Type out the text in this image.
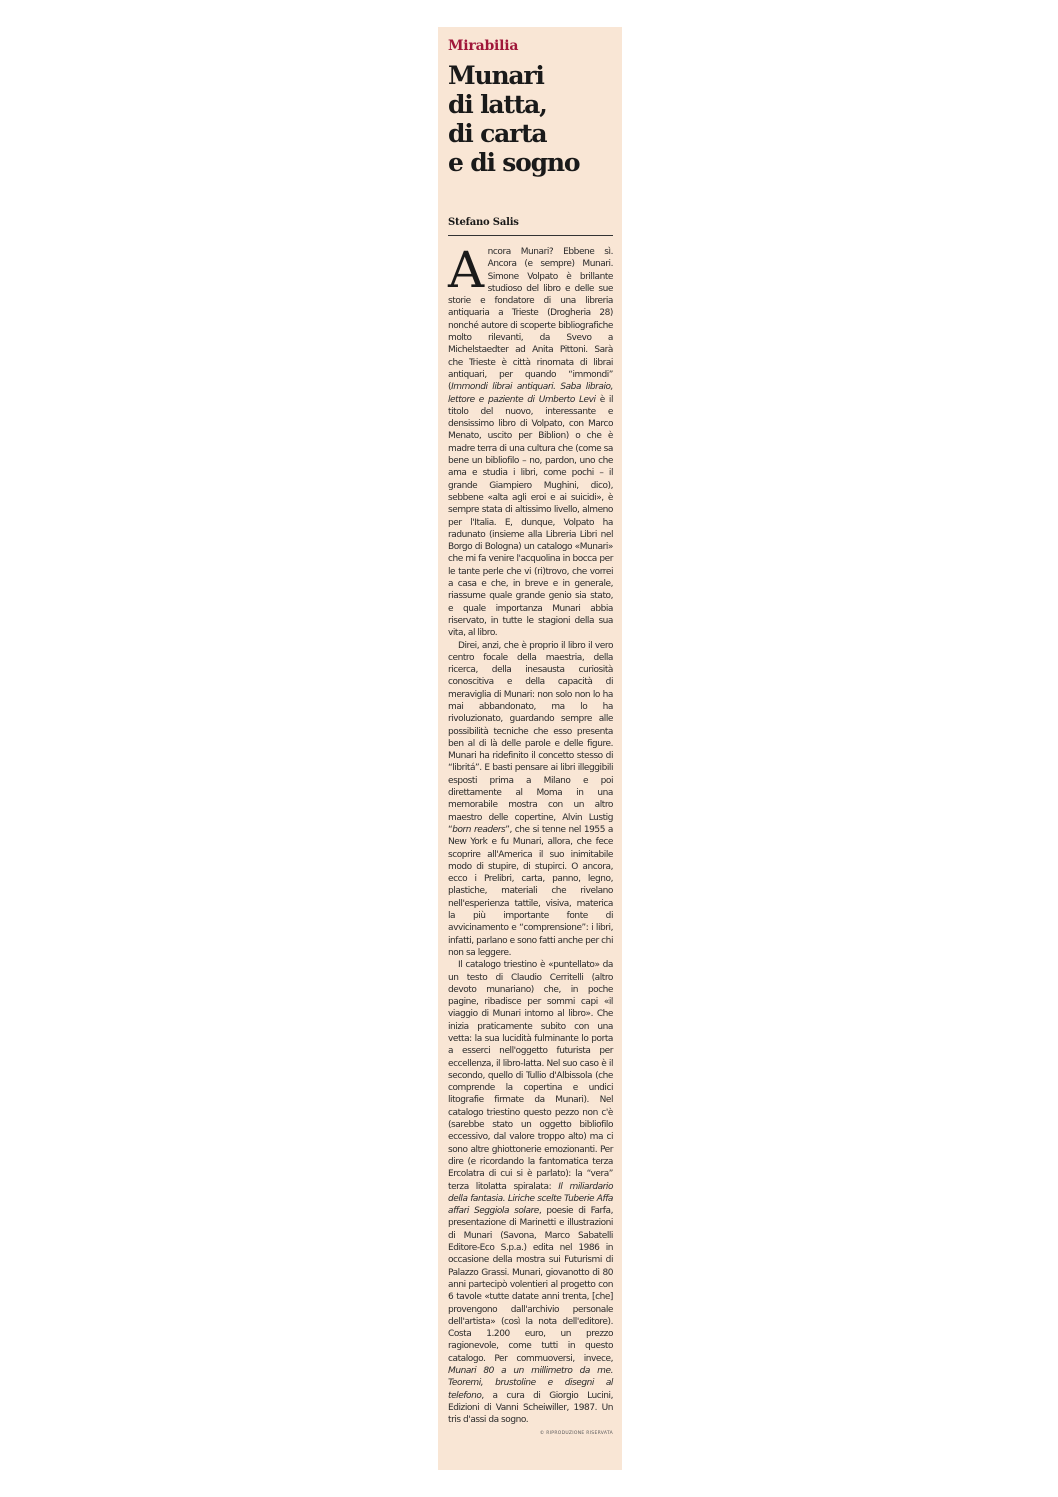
Mirabilia
Munari
di latta,
di carta
e di sogno
Stefano Salis

Ancora Munari? Ebbene sì. Ancora (e sempre) Munari. Simone Volpato è brillante studioso del libro e delle sue storie e fondatore di una libreria antiquaria a Trieste (Drogheria 28) nonché autore di scoperte bibliografiche molto rilevanti, da Svevo a Michelstaedter ad Anita Pittoni. Sarà che Trieste è città rinomata di librai antiquari, per quando “immondi” (Immondi librai antiquari. Saba libraio, lettore e paziente di Umberto Levi è il titolo del nuovo, interessante e densissimo libro di Volpato, con Marco Menato, uscito per Biblion) o che è madre terra di una cultura che (come sa bene un bibliofilo – no, pardon, uno che ama e studia i libri, come pochi – il grande Giampiero Mughini, dico), sebbene «alta agli eroi e ai suicidi», è sempre stata di altissimo livello, almeno per l'Italia. E, dunque, Volpato ha radunato (insieme alla Libreria Libri nel Borgo di Bologna) un catalogo «Munari» che mi fa venire l'acquolina in bocca per le tante perle che vi (ri)trovo, che vorrei a casa e che, in breve e in generale, riassume quale grande genio sia stato, e quale importanza Munari abbia riservato, in tutte le stagioni della sua vita, al libro.

Direi, anzi, che è proprio il libro il vero centro focale della maestria, della ricerca, della inesausta curiosità conoscitiva e della capacità di meraviglia di Munari: non solo non lo ha mai abbandonato, ma lo ha rivoluzionato, guardando sempre alle possibilità tecniche che esso presenta ben al di là delle parole e delle figure. Munari ha ridefinito il concetto stesso di “libritá”. E basti pensare ai libri illeggibili esposti prima a Milano e poi direttamente al Moma in una memorabile mostra con un altro maestro delle copertine, Alvin Lustig “born readers”, che si tenne nel 1955 a New York e fu Munari, allora, che fece scoprire all'America il suo inimitabile modo di stupire, di stupirci. O ancora, ecco i Prelibri, carta, panno, legno, plastiche, materiali che rivelano nell'esperienza tattile, visiva, materica la più importante fonte di avvicinamento e “comprensione”: i libri, infatti, parlano e sono fatti anche per chi non sa leggere.

Il catalogo triestino è «puntellato» da un testo di Claudio Cerritelli (altro devoto munariano) che, in poche pagine, ribadisce per sommi capi «il viaggio di Munari intorno al libro». Che inizia praticamente subito con una vetta: la sua lucidità fulminante lo porta a esserci nell'oggetto futurista per eccellenza, il libro-latta. Nel suo caso è il secondo, quello di Tullio d'Albissola (che comprende la copertina e undici litografie firmate da Munari). Nel catalogo triestino questo pezzo non c'è (sarebbe stato un oggetto bibliofilo eccessivo, dal valore troppo alto) ma ci sono altre ghiottonerie emozionanti. Per dire (e ricordando la fantomatica terza Ercolatra di cui si è parlato): la “vera” terza litolatta spiralata: Il miliardario della fantasia. Liriche scelte Tuberie Affa affari Seggiola solare, poesie di Farfa, presentazione di Marinetti e illustrazioni di Munari (Savona, Marco Sabatelli Editore-Eco S.p.a.) edita nel 1986 in occasione della mostra sui Futurismi di Palazzo Grassi. Munari, giovanotto di 80 anni partecipò volentieri al progetto con 6 tavole «tutte datate anni trenta, [che] provengono dall'archivio personale dell'artista» (così la nota dell'editore). Costa 1.200 euro, un prezzo ragionevole, come tutti in questo catalogo. Per commuoversi, invece, Munari 80 a un millimetro da me. Teoremi, brustoline e disegni al telefono, a cura di Giorgio Lucini, Edizioni di Vanni Scheiwiller, 1987. Un tris d'assi da sogno.

© RIPRODUZIONE RISERVATA
